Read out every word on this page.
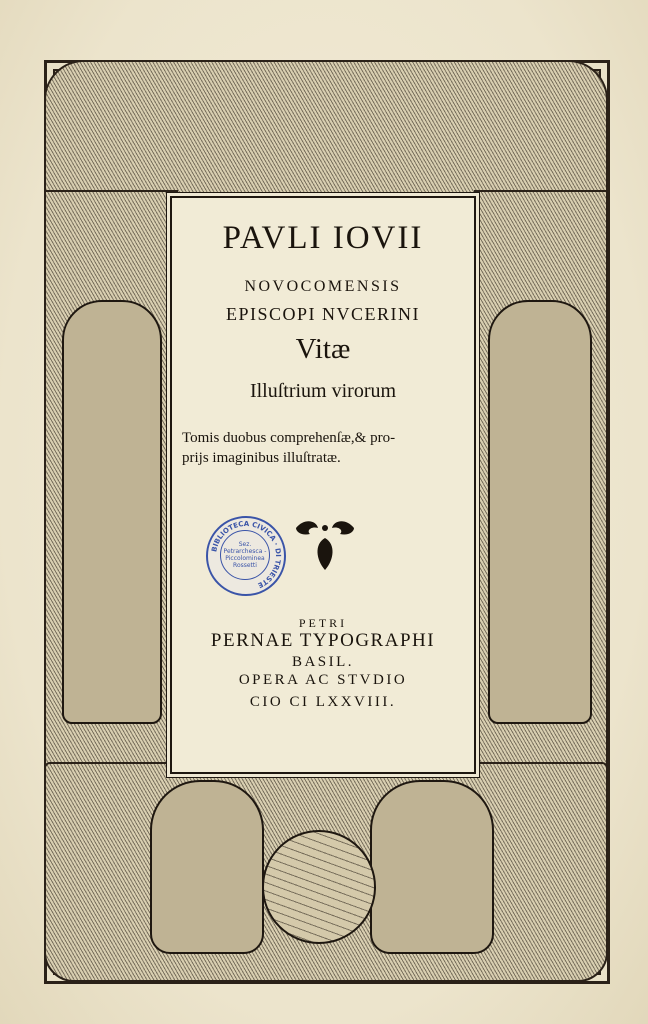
PAVLI IOVII
NOVOCOMENSIS
EPISCOPI NVCERINI
Vitæ
Illuſtrium virorum
Tomis duobus comprehenſæ,& pro-
prijs imaginibus illuſtratæ.
BIBLIOTECA CIVICA · DI TRIESTE
Sez. Petrarchesca - Piccolominea Rossetti
PETRI
PERNAE TYPOGRAPHI
BASIL.
OPERA AC STVDIO
CIO CI LXXVIII.
